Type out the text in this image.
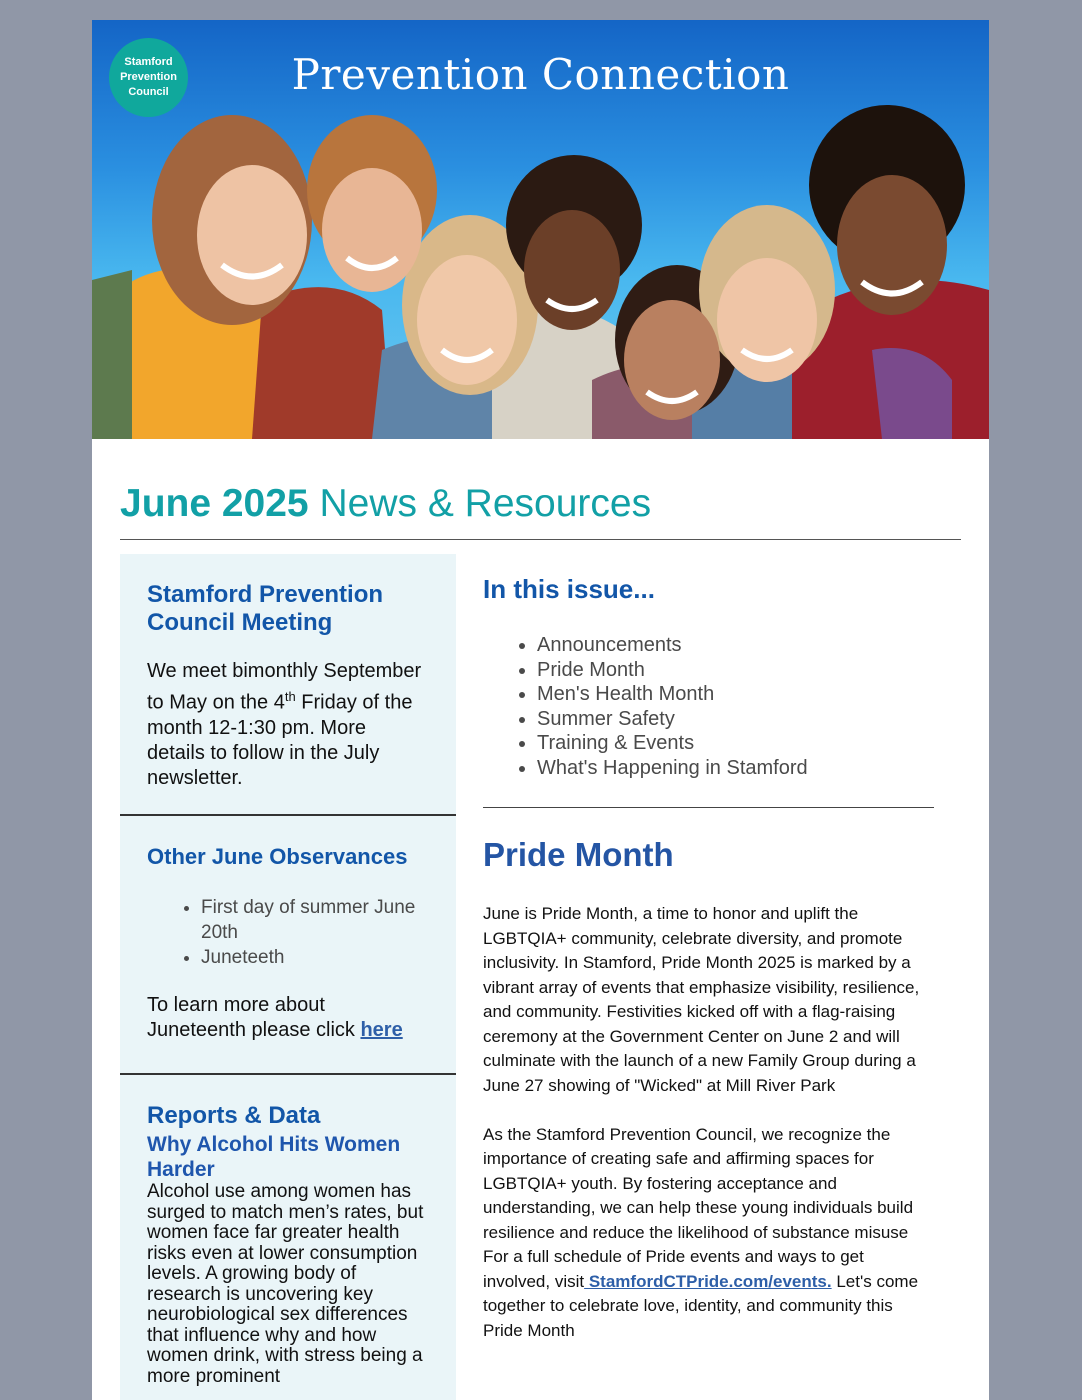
Stamford
Prevention
Council	Prevention Connection
June 2025 News & Resources
Stamford Prevention Council Meeting

We meet bimonthly September to May on the 4th Friday of the month 12-1:30 pm. More details to follow in the July newsletter.

Other June Observances
• First day of summer June 20th
• Juneteeth

To learn more about Juneteenth please click here

Reports & Data
Why Alcohol Hits Women Harder

Alcohol use among women has surged to match men’s rates, but women face far greater health risks even at lower consumption levels. A growing body of research is uncovering key neurobiological sex differences that influence why and how women drink, with stress being a more prominent

In this issue...
• Announcements
• Pride Month
• Men's Health Month
• Summer Safety
• Training & Events
• What's Happening in Stamford
Pride Month

June is Pride Month, a time to honor and uplift the LGBTQIA+ community, celebrate diversity, and promote inclusivity. In Stamford, Pride Month 2025 is marked by a vibrant array of events that emphasize visibility, resilience, and community. Festivities kicked off with a flag-raising ceremony at the Government Center on June 2 and will culminate with the launch of a new Family Group during a June 27 showing of "Wicked" at Mill River Park

As the Stamford Prevention Council, we recognize the importance of creating safe and affirming spaces for LGBTQIA+ youth. By fostering acceptance and understanding, we can help these young individuals build resilience and reduce the likelihood of substance misuse For a full schedule of Pride events and ways to get involved, visit StamfordCTPride.com/events. Let's come together to celebrate love, identity, and community this Pride Month
